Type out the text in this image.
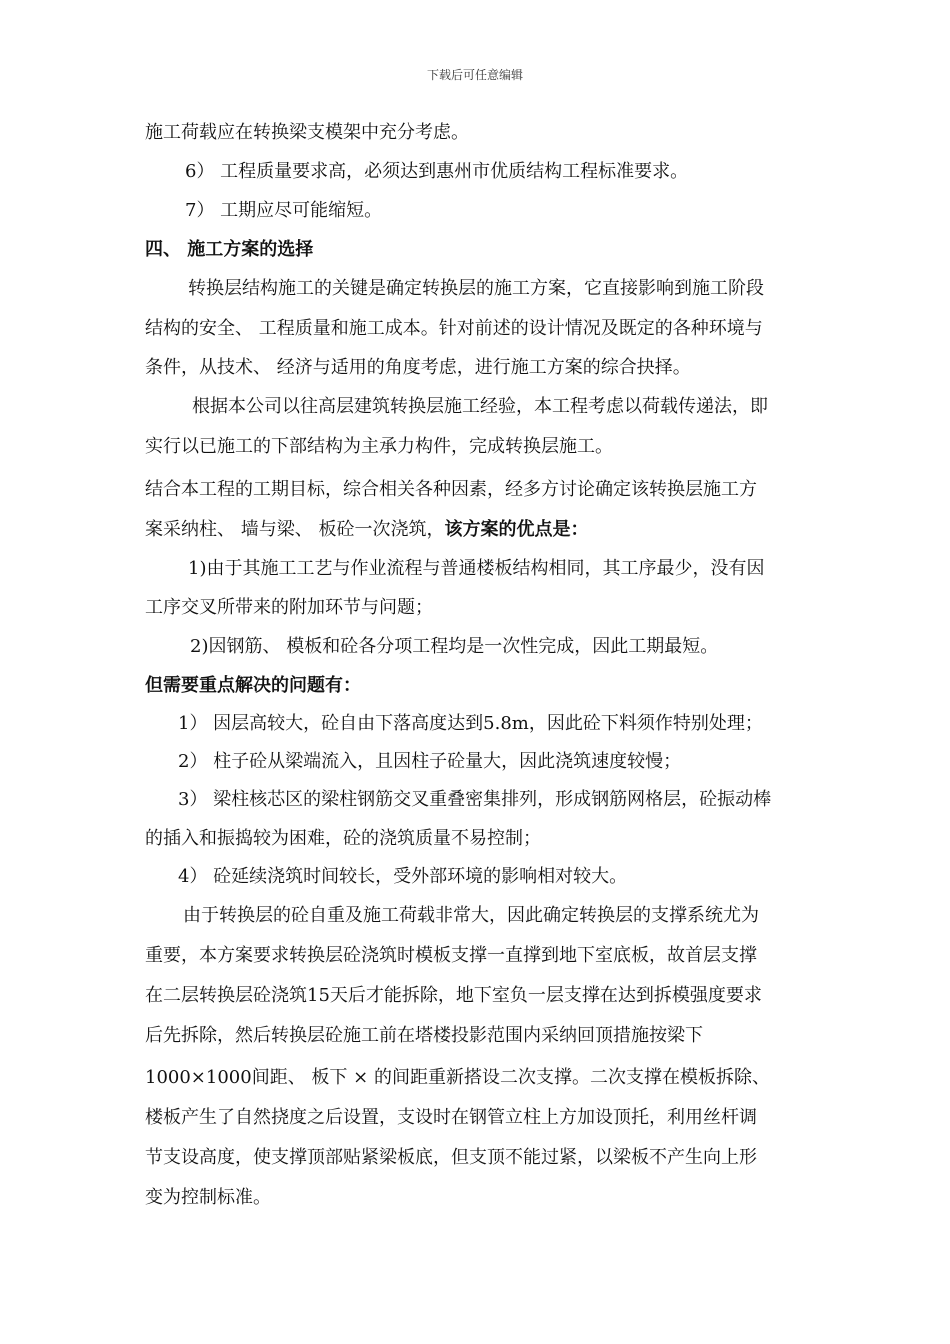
下载后可任意编辑
施工荷载应在转换梁支模架中充分考虑。
6） 工程质量要求高，必须达到惠州市优质结构工程标准要求。
7） 工期应尽可能缩短。
四、 施工方案的选择
转换层结构施工的关键是确定转换层的施工方案，它直接影响到施工阶段
结构的安全、 工程质量和施工成本。针对前述的设计情况及既定的各种环境与
条件，从技术、 经济与适用的角度考虑，进行施工方案的综合抉择。
根据本公司以往高层建筑转换层施工经验，本工程考虑以荷载传递法，即
实行以已施工的下部结构为主承力构件，完成转换层施工。
结合本工程的工期目标，综合相关各种因素，经多方讨论确定该转换层施工方
案采纳柱、 墙与梁、 板砼一次浇筑，该方案的优点是：
1)由于其施工工艺与作业流程与普通楼板结构相同，其工序最少，没有因
工序交叉所带来的附加环节与问题；
2)因钢筋、 模板和砼各分项工程均是一次性完成，因此工期最短。
但需要重点解决的问题有：
1） 因层高较大，砼自由下落高度达到5.8m，因此砼下料须作特别处理；
2） 柱子砼从梁端流入，且因柱子砼量大，因此浇筑速度较慢；
3） 梁柱核芯区的梁柱钢筋交叉重叠密集排列，形成钢筋网格层，砼振动棒
的插入和振捣较为困难，砼的浇筑质量不易控制；
4） 砼延续浇筑时间较长，受外部环境的影响相对较大。
由于转换层的砼自重及施工荷载非常大，因此确定转换层的支撑系统尤为
重要，本方案要求转换层砼浇筑时模板支撑一直撑到地下室底板，故首层支撑
在二层转换层砼浇筑15天后才能拆除，地下室负一层支撑在达到拆模强度要求
后先拆除，然后转换层砼施工前在塔楼投影范围内采纳回顶措施按梁下
1000×1000间距、 板下 × 的间距重新搭设二次支撑。二次支撑在模板拆除、
楼板产生了自然挠度之后设置，支设时在钢管立柱上方加设顶托，利用丝杆调
节支设高度，使支撑顶部贴紧梁板底，但支顶不能过紧，以梁板不产生向上形
变为控制标准。
